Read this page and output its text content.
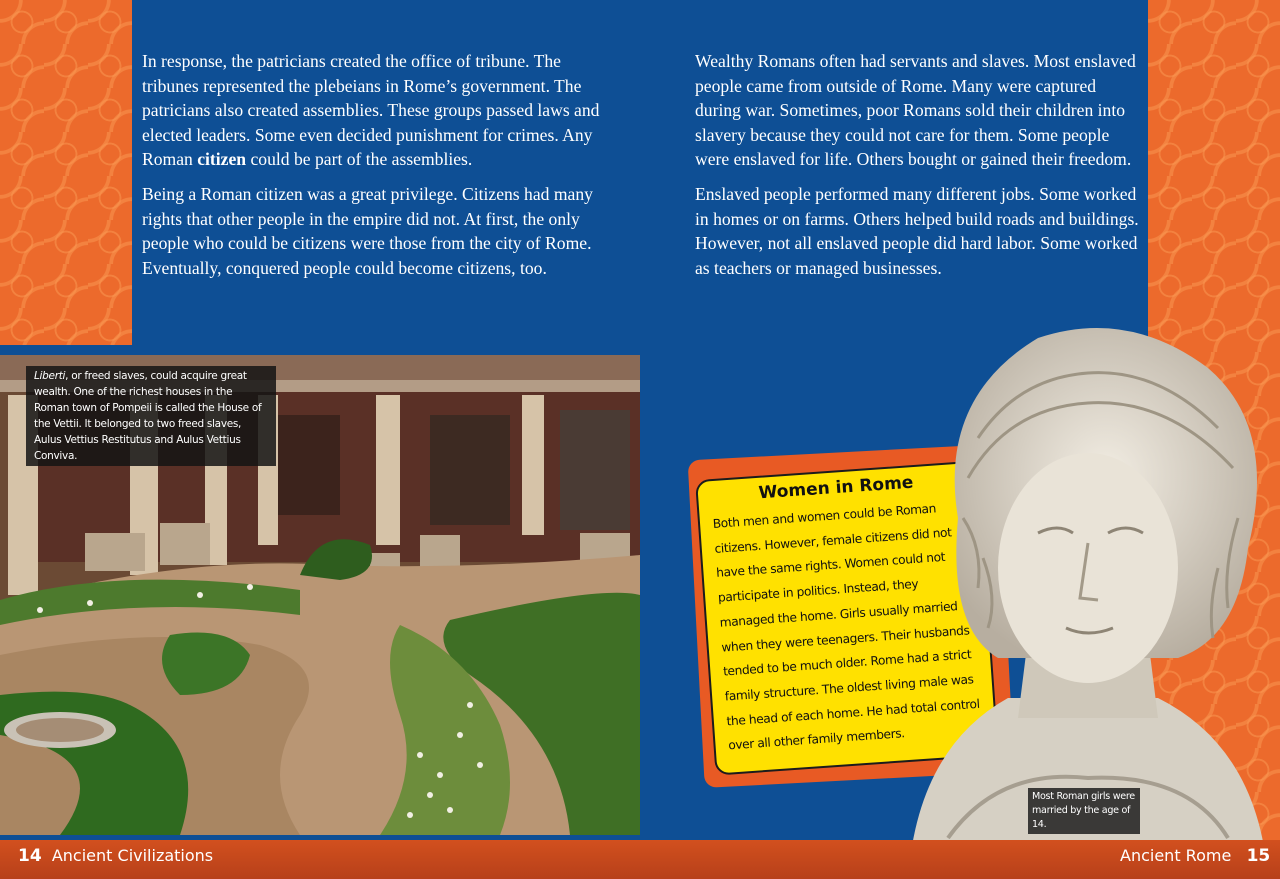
In response, the patricians created the office of tribune. The tribunes represented the plebeians in Rome’s government. The patricians also created assemblies. These groups passed laws and elected leaders. Some even decided punishment for crimes. Any Roman citizen could be part of the assemblies.

Being a Roman citizen was a great privilege. Citizens had many rights that other people in the empire did not. At first, the only people who could be citizens were those from the city of Rome. Eventually, conquered people could become citizens, too.

Wealthy Romans often had servants and slaves. Most enslaved people came from outside of Rome. Many were captured during war. Sometimes, poor Romans sold their children into slavery because they could not care for them. Some people were enslaved for life. Others bought or gained their freedom.

Enslaved people performed many different jobs. Some worked in homes or on farms. Others helped build roads and buildings. However, not all enslaved people did hard labor. Some worked as teachers or managed businesses.

Liberti, or freed slaves, could acquire great wealth. One of the richest houses in the Roman town of Pompeii is called the House of the Vettii. It belonged to two freed slaves, Aulus Vettius Restitutus and Aulus Vettius Conviva.
Women in Rome
Both men and women could be Roman citizens. However, female citizens did not have the same rights. Women could not participate in politics. Instead, they managed the home. Girls usually married when they were teenagers. Their husbands tended to be much older. Rome had a strict family structure. The oldest living male was the head of each home. He had total control over all other family members.
Most Roman girls were married by the age of 14.
14 Ancient Civilizations	Ancient Rome 15
